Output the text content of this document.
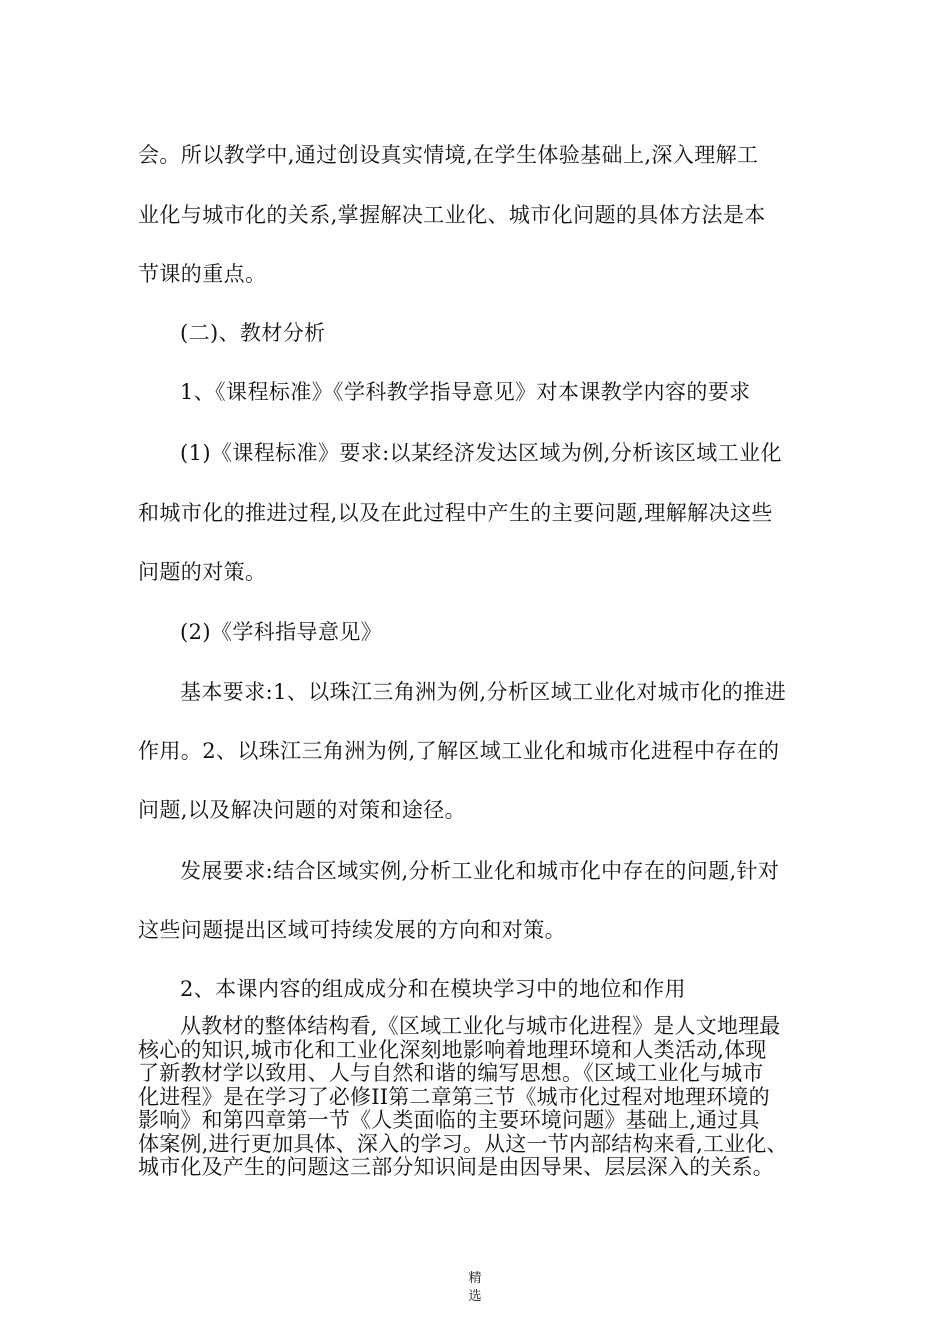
会。所以教学中,通过创设真实情境,在学生体验基础上,深入理解工
业化与城市化的关系,掌握解决工业化、城市化问题的具体方法是本
节课的重点。
(二)、教材分析
1、《课程标准》《学科教学指导意见》对本课教学内容的要求
(1)《课程标准》要求:以某经济发达区域为例,分析该区域工业化
和城市化的推进过程,以及在此过程中产生的主要问题,理解解决这些
问题的对策。
(2)《学科指导意见》
基本要求:1、以珠江三角洲为例,分析区域工业化对城市化的推进
作用。2、以珠江三角洲为例,了解区域工业化和城市化进程中存在的
问题,以及解决问题的对策和途径。
发展要求:结合区域实例,分析工业化和城市化中存在的问题,针对
这些问题提出区域可持续发展的方向和对策。
2、本课内容的组成成分和在模块学习中的地位和作用
从教材的整体结构看,《区域工业化与城市化进程》是人文地理最
核心的知识,城市化和工业化深刻地影响着地理环境和人类活动,体现
了新教材学以致用、人与自然和谐的编写思想。《区域工业化与城市
化进程》是在学习了必修II第二章第三节《城市化过程对地理环境的
影响》和第四章第一节《人类面临的主要环境问题》基础上,通过具
体案例,进行更加具体、深入的学习。从这一节内部结构来看,工业化、
城市化及产生的问题这三部分知识间是由因导果、层层深入的关系。
精
选
